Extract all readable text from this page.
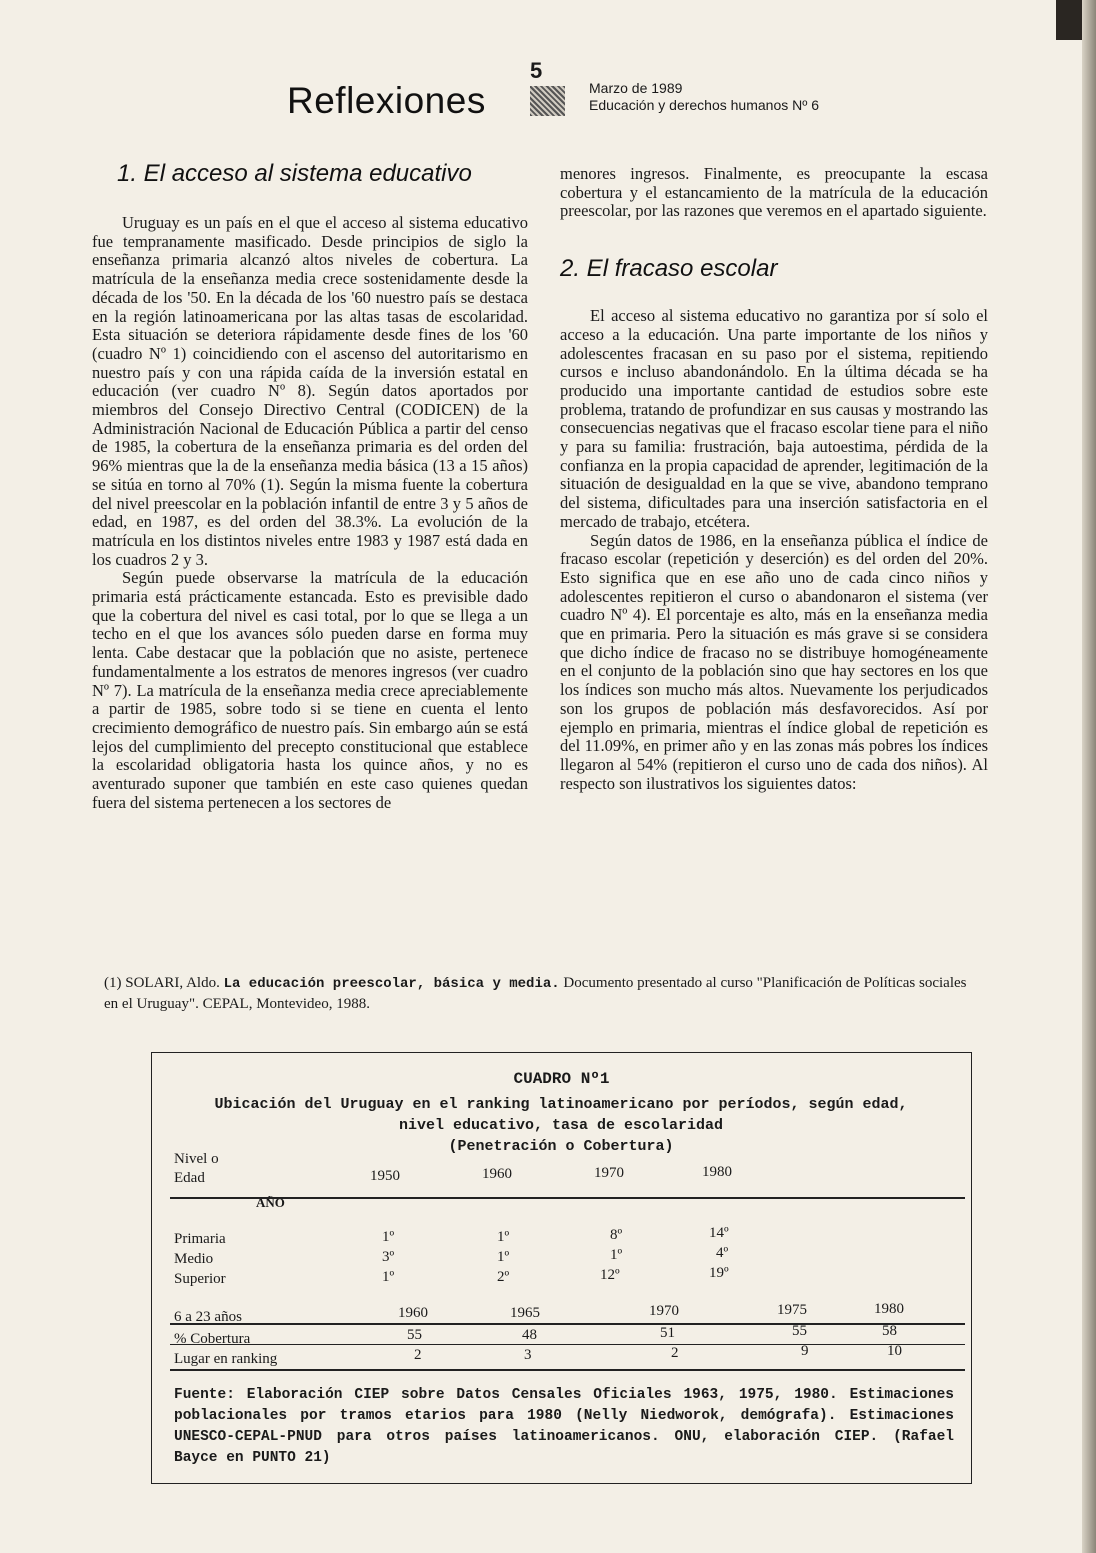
Reflexiones
5
Marzo de 1989
Educación y derechos humanos Nº 6
1. El acceso al sistema educativo

Uruguay es un país en el que el acceso al sistema educativo fue tempranamente masificado. Desde principios de siglo la enseñanza primaria alcanzó altos niveles de cobertura. La matrícula de la enseñanza media crece sostenidamente desde la década de los '50. En la década de los '60 nuestro país se destaca en la región latinoamericana por las altas tasas de escolaridad. Esta situación se deteriora rápidamente desde fines de los '60 (cuadro Nº 1) coincidiendo con el ascenso del autoritarismo en nuestro país y con una rápida caída de la inversión estatal en educación (ver cuadro Nº 8). Según datos aportados por miembros del Consejo Directivo Central (CODICEN) de la Administración Nacional de Educación Pública a partir del censo de 1985, la cobertura de la enseñanza primaria es del orden del 96% mientras que la de la enseñanza media básica (13 a 15 años) se sitúa en torno al 70% (1). Según la misma fuente la cobertura del nivel preescolar en la población infantil de entre 3 y 5 años de edad, en 1987, es del orden del 38.3%. La evolución de la matrícula en los distintos niveles entre 1983 y 1987 está dada en los cuadros 2 y 3.

Según puede observarse la matrícula de la educación primaria está prácticamente estancada. Esto es previsible dado que la cobertura del nivel es casi total, por lo que se llega a un techo en el que los avances sólo pueden darse en forma muy lenta. Cabe destacar que la población que no asiste, pertenece fundamentalmente a los estratos de menores ingresos (ver cuadro Nº 7). La matrícula de la enseñanza media crece apreciablemente a partir de 1985, sobre todo si se tiene en cuenta el lento crecimiento demográfico de nuestro país. Sin embargo aún se está lejos del cumplimiento del precepto constitucional que establece la escolaridad obligatoria hasta los quince años, y no es aventurado suponer que también en este caso quienes quedan fuera del sistema pertenecen a los sectores de

menores ingresos. Finalmente, es preocupante la escasa cobertura y el estancamiento de la matrícula de la educación preescolar, por las razones que veremos en el apartado siguiente.

2. El fracaso escolar

El acceso al sistema educativo no garantiza por sí solo el acceso a la educación. Una parte importante de los niños y adolescentes fracasan en su paso por el sistema, repitiendo cursos e incluso abandonándolo. En la última década se ha producido una importante cantidad de estudios sobre este problema, tratando de profundizar en sus causas y mostrando las consecuencias negativas que el fracaso escolar tiene para el niño y para su familia: frustración, baja autoestima, pérdida de la confianza en la propia capacidad de aprender, legitimación de la situación de desigualdad en la que se vive, abandono temprano del sistema, dificultades para una inserción satisfactoria en el mercado de trabajo, etcétera.

Según datos de 1986, en la enseñanza pública el índice de fracaso escolar (repetición y deserción) es del orden del 20%. Esto significa que en ese año uno de cada cinco niños y adolescentes repitieron el curso o abandonaron el sistema (ver cuadro Nº 4). El porcentaje es alto, más en la enseñanza media que en primaria. Pero la situación es más grave si se considera que dicho índice de fracaso no se distribuye homogéneamente en el conjunto de la población sino que hay sectores en los que los índices son mucho más altos. Nuevamente los perjudicados son los grupos de población más desfavorecidos. Así por ejemplo en primaria, mientras el índice global de repetición es del 11.09%, en primer año y en las zonas más pobres los índices llegaron al 54% (repitieron el curso uno de cada dos niños). Al respecto son ilustrativos los siguientes datos:

(1) SOLARI, Aldo. La educación preescolar, básica y media. Documento presentado al curso "Planificación de Políticas sociales en el Uruguay". CEPAL, Montevideo, 1988.
CUADRO Nº1
Ubicación del Uruguay en el ranking latinoamericano por períodos, según edad,
nivel educativo, tasa de escolaridad
(Penetración o Cobertura)
Nivel o
Edad
AÑO
1950	1960	1970	1980
Primaria	1º	1º	8º	14º
Medio	3º	1º	1º	4º
Superior	1º	2º	12º	19º
6 a 23 años	1960	1965	1970	1975	1980
% Cobertura	55	48	51	55	58
Lugar en ranking	2	3	2	9	10
Fuente: Elaboración CIEP sobre Datos Censales Oficiales 1963, 1975, 1980. Estimaciones poblacionales por tramos etarios para 1980 (Nelly Niedworok, demógrafa). Estimaciones UNESCO-CEPAL-PNUD para otros países latinoamericanos. ONU, elaboración CIEP. (Rafael Bayce en PUNTO 21)
